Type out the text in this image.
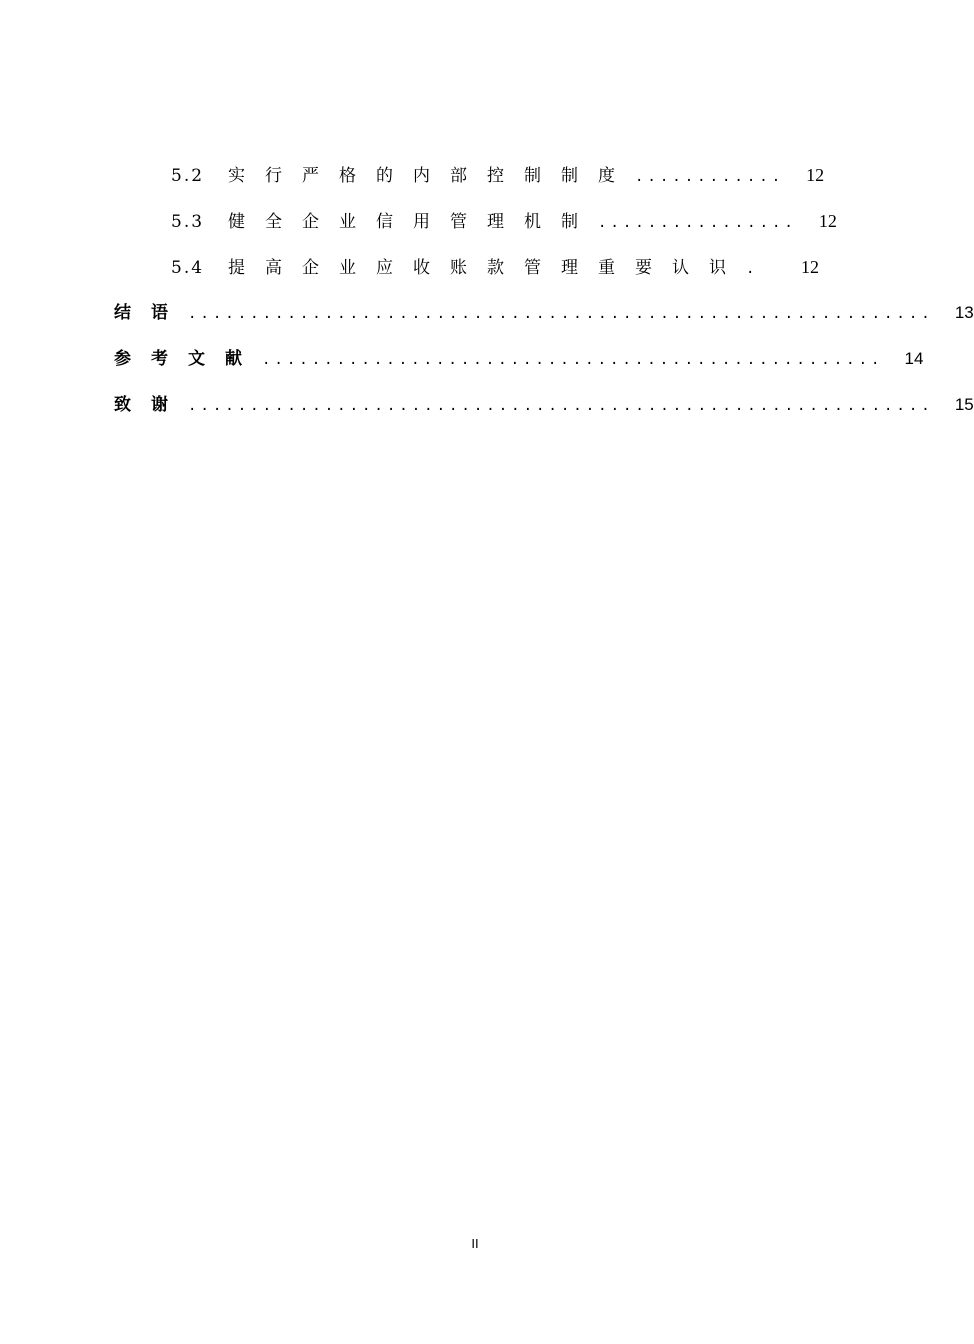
5.2	实行严格的内部控制制度 ............	12
5.3	健全企业信用管理机制 ................	12
5.4	提高企业应收账款管理重要认识 .	12
结语 ............................................................ 13
参考文献 .................................................. 14
致谢 ............................................................ 15
II
